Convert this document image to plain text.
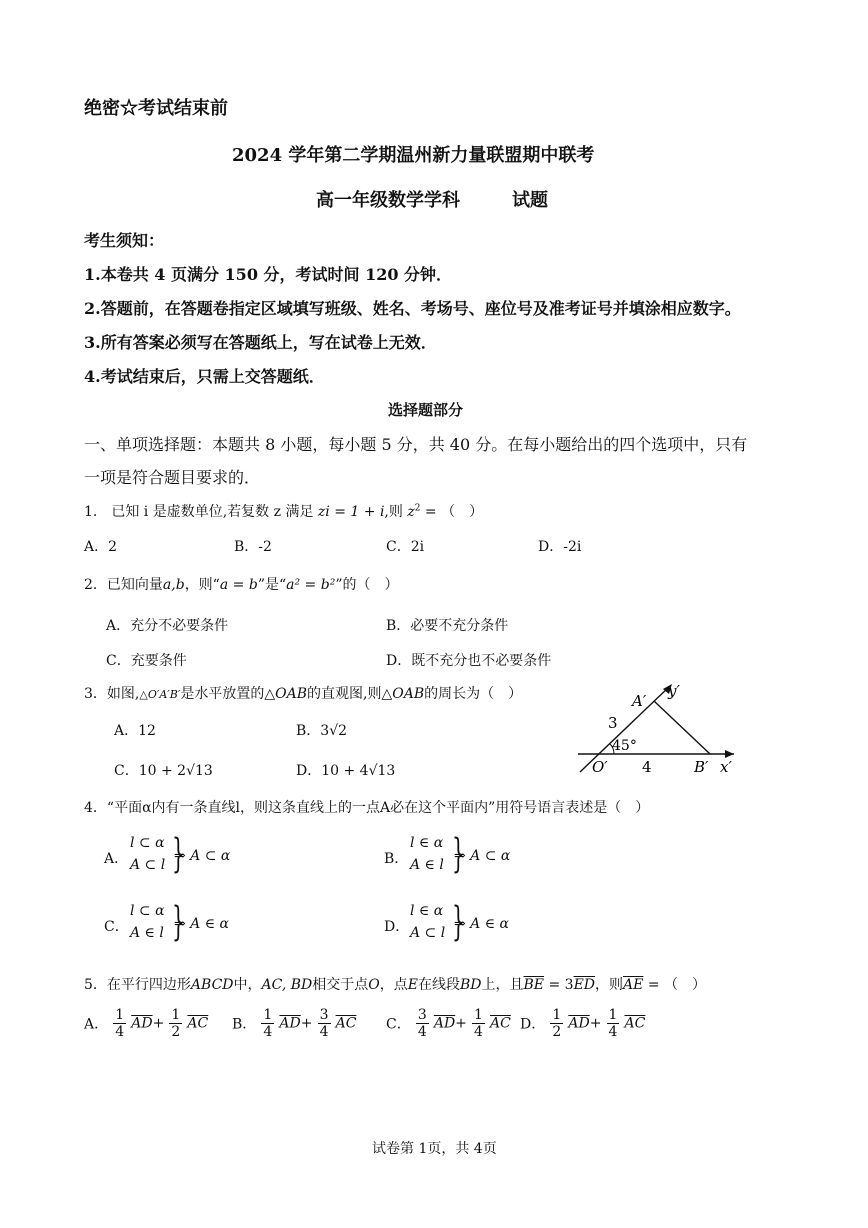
绝密☆考试结束前
2024 学年第二学期温州新力量联盟期中联考
高一年级数学学科	试题
考生须知：
1.本卷共 4 页满分 150 分，考试时间 120 分钟．
2.答题前，在答题卷指定区域填写班级、姓名、考场号、座位号及准考证号并填涂相应数字。
3.所有答案必须写在答题纸上，写在试卷上无效．
4.考试结束后，只需上交答题纸．
选择题部分
一、单项选择题：本题共 8 小题，每小题 5 分，共 40 分。在每小题给出的四个选项中，只有
一项是符合题目要求的．
1.　已知 i 是虚数单位,若复数 z 满足 zi = 1 + i,则 $z^2$ = （　）
A．2	B．-2	C．2i	D．-2i
2．已知向量a,b，则“a = b”是“a² = b²”的（　）
A．充分不必要条件	B．必要不充分条件
C．充要条件	D．既不充分也不必要条件
3．如图,△O′A′B′是水平放置的△OAB的直观图,则△OAB的周长为（　）
A．12	B．3√2
C．10 + 2√13	D．10 + 4√13
A′
y′
O′	B′ x′
3
4
45°
4．“平面α内有一条直线l，则这条直线上的一点A必在这个平面内”用符号语言表述是（　）
A．
l ⊂ α
A ⊂ l }
⇒ A ⊂ α	B．
l ∈ α
A ∈ l }
⇒ A ⊂ α
C．
l ⊂ α
A ∈ l }
⇒ A ∈ α	D．
l ∈ α
A ⊂ l }
⇒ A ∈ α
5．在平行四边形ABCD中，AC, BD相交于点O，点E在线段BD上，且$\overline{BE} = 3\overline{ED}$，则$\overline{AE}$ = （　）
A． $\frac{1}{4} \overline{AD}+ \frac{1}{2} \overline{AC}$ B． $\frac{1}{4} \overline{AD}+ \frac{3}{4} \overline{AC}$ C． $\frac{3}{4} \overline{AD}+ \frac{1}{4} \overline{AC}$ D． $\frac{1}{2} \overline{AD}+ \frac{1}{4} \overline{AC}$
试卷第 1页，共 4页
